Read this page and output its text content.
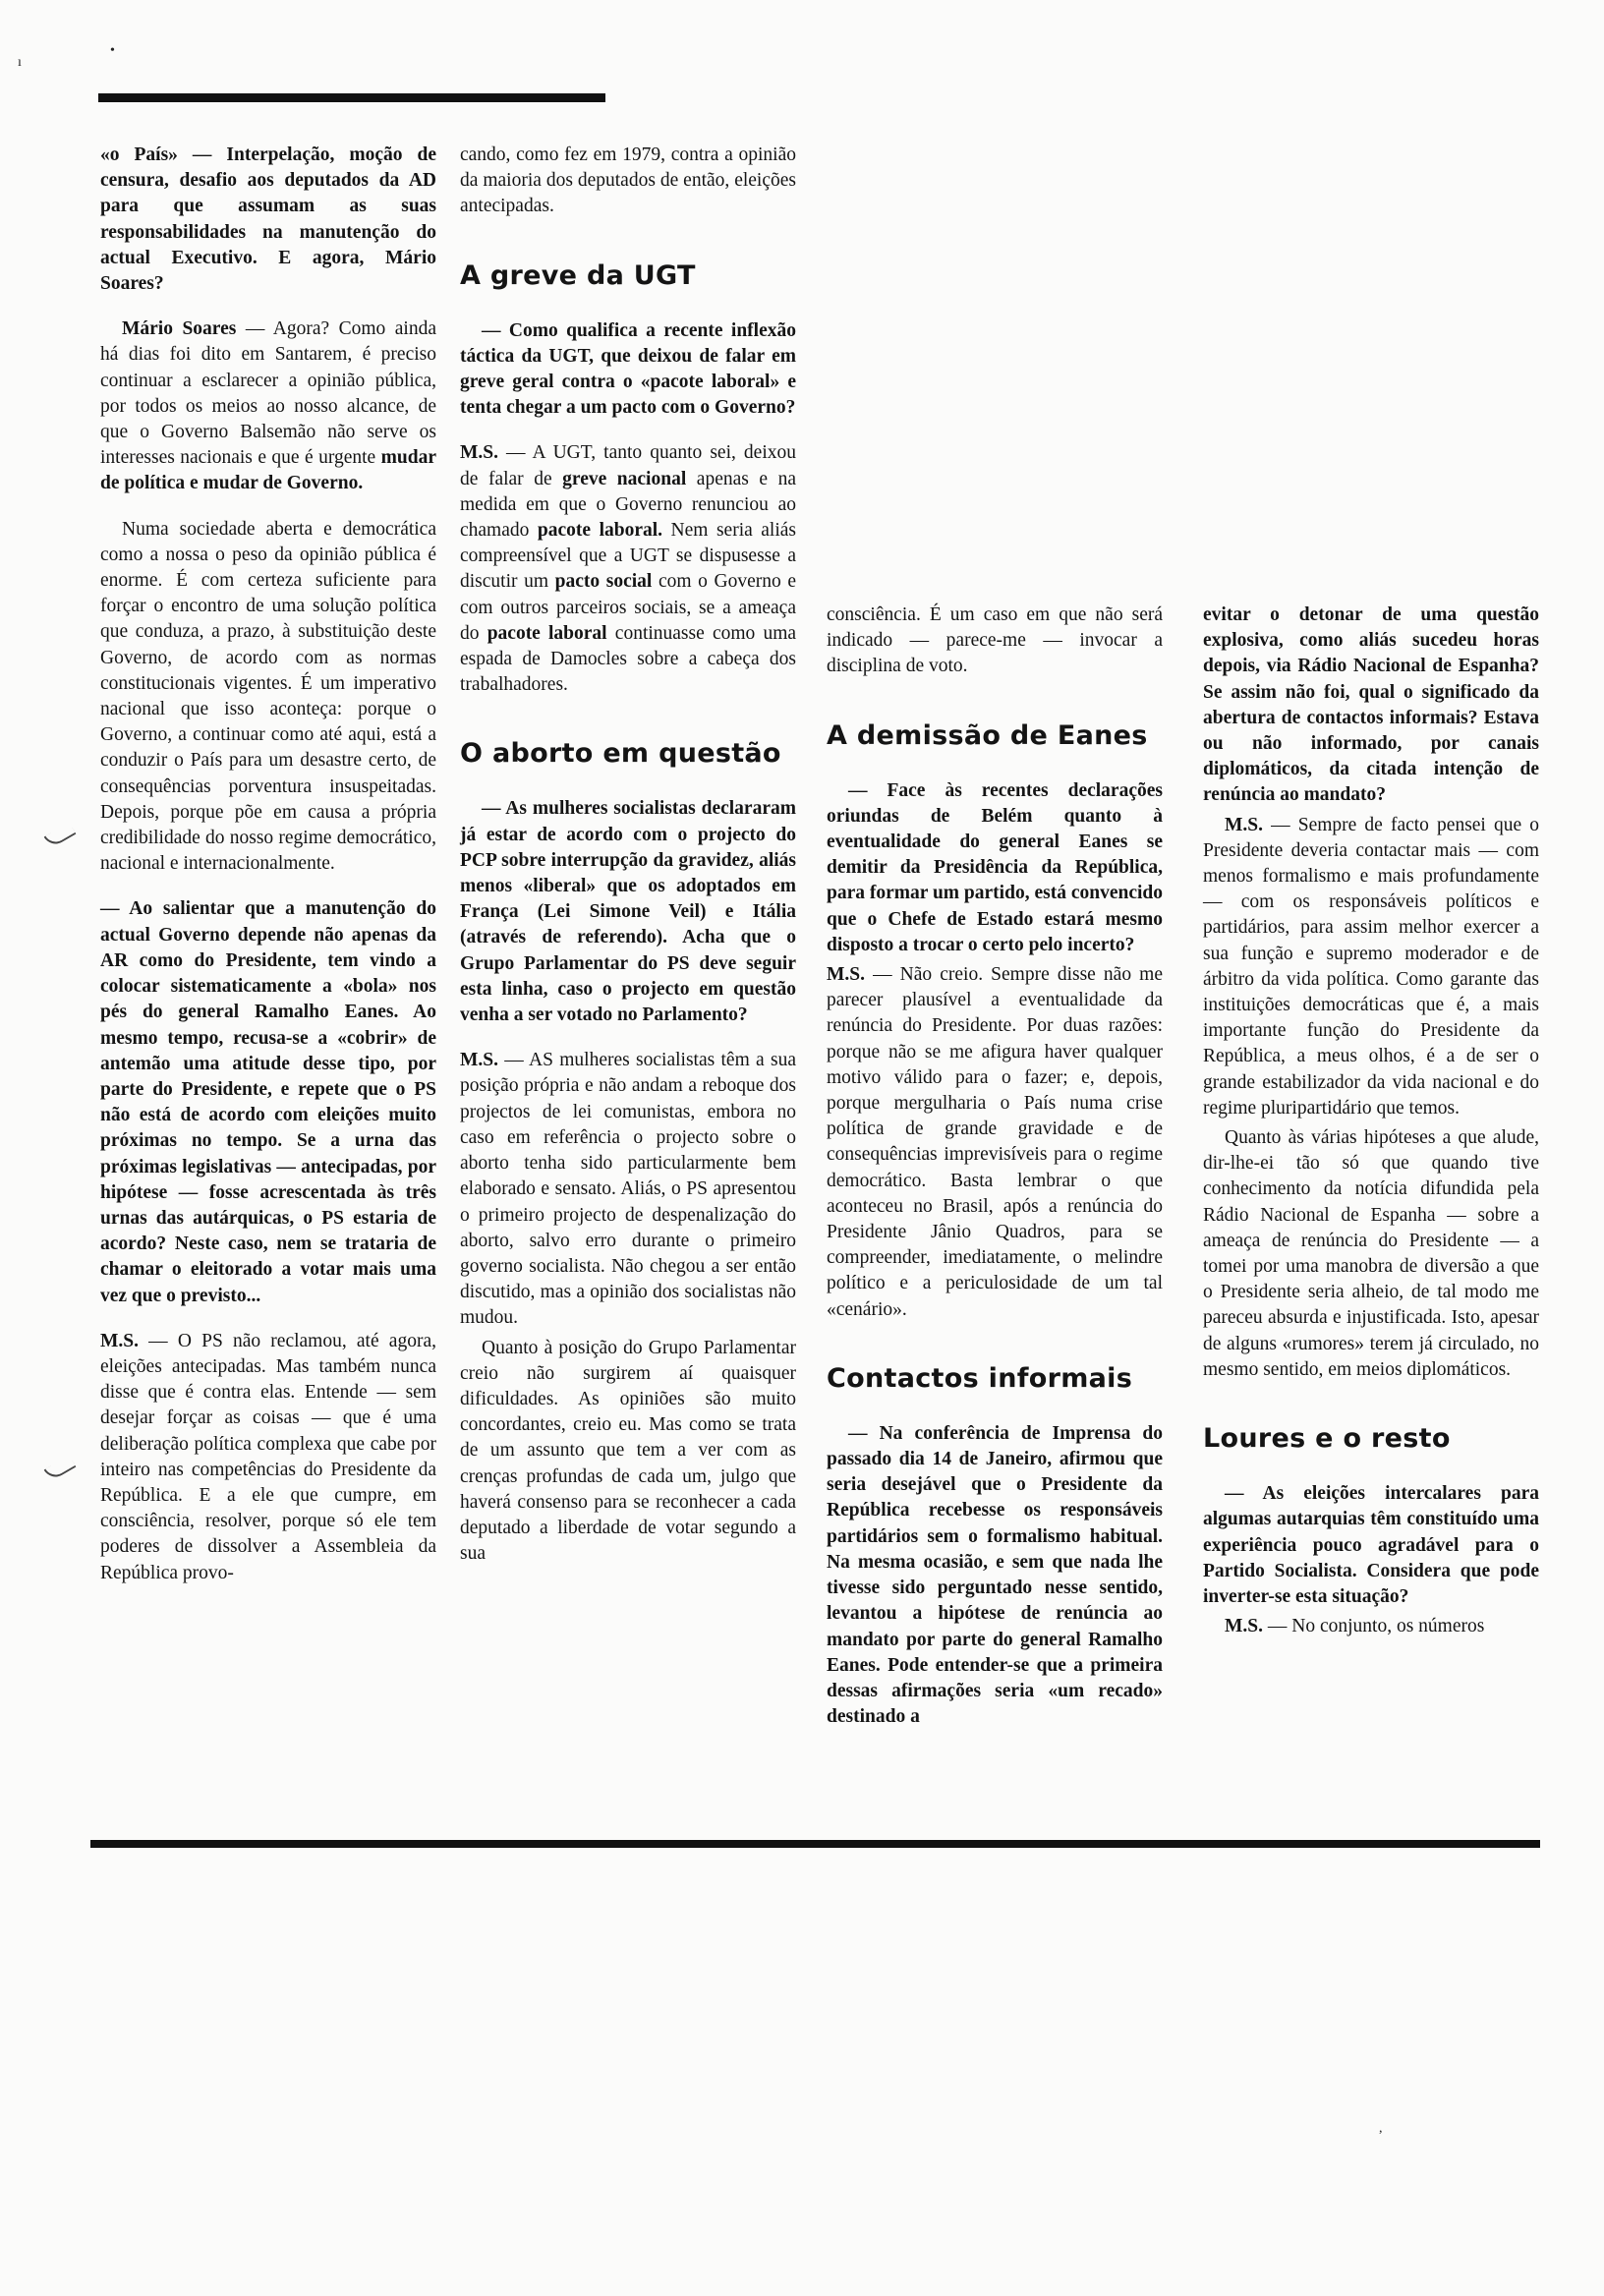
•
ı
,

«o País» — Interpelação, moção de censura, desafio aos deputados da AD para que assumam as suas responsabilidades na manutenção do actual Executivo. E agora, Mário Soares?

Mário Soares — Agora? Como ainda há dias foi dito em Santarem, é preciso continuar a esclarecer a opinião pública, por todos os meios ao nosso alcance, de que o Governo Balsemão não serve os interesses nacionais e que é urgente mudar de política e mudar de Governo.

Numa sociedade aberta e democrática como a nossa o peso da opinião pública é enorme. É com certeza suficiente para forçar o encontro de uma solução política que conduza, a prazo, à substituição deste Governo, de acordo com as normas constitucionais vigentes. É um imperativo nacional que isso aconteça: porque o Governo, a continuar como até aqui, está a conduzir o País para um desastre certo, de consequências porventura insuspeitadas. Depois, porque põe em causa a própria credibilidade do nosso regime democrático, nacional e internacionalmente.

— Ao salientar que a manutenção do actual Governo depende não apenas da AR como do Presidente, tem vindo a colocar sistematicamente a «bola» nos pés do general Ramalho Eanes. Ao mesmo tempo, recusa-se a «cobrir» de antemão uma atitude desse tipo, por parte do Presidente, e repete que o PS não está de acordo com eleições muito próximas no tempo. Se a urna das próximas legislativas — antecipadas, por hipótese — fosse acrescentada às três urnas das autárquicas, o PS estaria de acordo? Neste caso, nem se trataria de chamar o eleitorado a votar mais uma vez que o previsto...

M.S. — O PS não reclamou, até agora, eleições antecipadas. Mas também nunca disse que é contra elas. Entende — sem desejar forçar as coisas — que é uma deliberação política complexa que cabe por inteiro nas competências do Presidente da República. E a ele que cumpre, em consciência, resolver, porque só ele tem poderes de dissolver a Assembleia da República provo-

cando, como fez em 1979, contra a opinião da maioria dos deputados de então, eleições antecipadas.

A greve da UGT

— Como qualifica a recente inflexão táctica da UGT, que deixou de falar em greve geral contra o «pacote laboral» e tenta chegar a um pacto com o Governo?

M.S. — A UGT, tanto quanto sei, deixou de falar de greve nacional apenas e na medida em que o Governo renunciou ao chamado pacote laboral. Nem seria aliás compreensível que a UGT se dispusesse a discutir um pacto social com o Governo e com outros parceiros sociais, se a ameaça do pacote laboral continuasse como uma espada de Damocles sobre a cabeça dos trabalhadores.

O aborto em questão

— As mulheres socialistas declararam já estar de acordo com o projecto do PCP sobre interrupção da gravidez, aliás menos «liberal» que os adoptados em França (Lei Simone Veil) e Itália (através de referendo). Acha que o Grupo Parlamentar do PS deve seguir esta linha, caso o projecto em questão venha a ser votado no Parlamento?

M.S. — AS mulheres socialistas têm a sua posição própria e não andam a reboque dos projectos de lei comunistas, embora no caso em referência o projecto sobre o aborto tenha sido particularmente bem elaborado e sensato. Aliás, o PS apresentou o primeiro projecto de despenalização do aborto, salvo erro durante o primeiro governo socialista. Não chegou a ser então discutido, mas a opinião dos socialistas não mudou.

Quanto à posição do Grupo Parlamentar creio não surgirem aí quaisquer dificuldades. As opiniões são muito concordantes, creio eu. Mas como se trata de um assunto que tem a ver com as crenças profundas de cada um, julgo que haverá consenso para se reconhecer a cada deputado a liberdade de votar segundo a sua

consciência. É um caso em que não será indicado — parece-me — invocar a disciplina de voto.

A demissão de Eanes

— Face às recentes declarações oriundas de Belém quanto à eventualidade do general Eanes se demitir da Presidência da República, para formar um partido, está convencido que o Chefe de Estado estará mesmo disposto a trocar o certo pelo incerto?

M.S. — Não creio. Sempre disse não me parecer plausível a eventualidade da renúncia do Presidente. Por duas razões: porque não se me afigura haver qualquer motivo válido para o fazer; e, depois, porque mergulharia o País numa crise política de grande gravidade e de consequências imprevisíveis para o regime democrático. Basta lembrar o que aconteceu no Brasil, após a renúncia do Presidente Jânio Quadros, para se compreender, imediatamente, o melindre político e a periculosidade de um tal «cenário».

Contactos informais

— Na conferência de Imprensa do passado dia 14 de Janeiro, afirmou que seria desejável que o Presidente da República recebesse os responsáveis partidários sem o formalismo habitual. Na mesma ocasião, e sem que nada lhe tivesse sido perguntado nesse sentido, levantou a hipótese de renúncia ao mandato por parte do general Ramalho Eanes. Pode entender-se que a primeira dessas afirmações seria «um recado» destinado a

evitar o detonar de uma questão explosiva, como aliás sucedeu horas depois, via Rádio Nacional de Espanha? Se assim não foi, qual o significado da abertura de contactos informais? Estava ou não informado, por canais diplomáticos, da citada intenção de renúncia ao mandato?

M.S. — Sempre de facto pensei que o Presidente deveria contactar mais — com menos formalismo e mais profundamente — com os responsáveis políticos e partidários, para assim melhor exercer a sua função e supremo moderador e de árbitro da vida política. Como garante das instituições democráticas que é, a mais importante função do Presidente da República, a meus olhos, é a de ser o grande estabilizador da vida nacional e do regime pluripartidário que temos.

Quanto às várias hipóteses a que alude, dir-lhe-ei tão só que quando tive conhecimento da notícia difundida pela Rádio Nacional de Espanha — sobre a ameaça de renúncia do Presidente — a tomei por uma manobra de diversão a que o Presidente seria alheio, de tal modo me pareceu absurda e injustificada. Isto, apesar de alguns «rumores» terem já circulado, no mesmo sentido, em meios diplomáticos.

Loures e o resto

— As eleições intercalares para algumas autarquias têm constituído uma experiência pouco agradável para o Partido Socialista. Considera que pode inverter-se esta situação?

M.S. — No conjunto, os números
